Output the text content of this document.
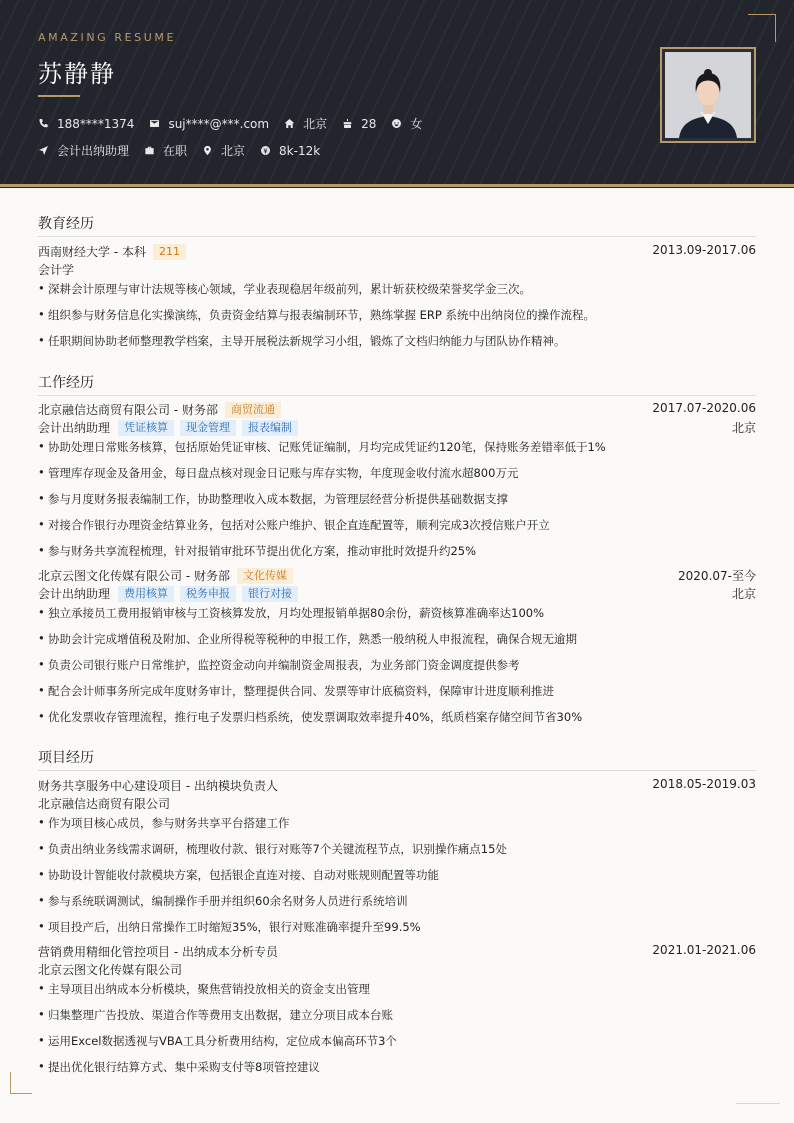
AMAZING RESUME
苏静静
188****1374	suj****@***.com	北京	28	女
会计出纳助理	在职	北京	8k-12k
教育经历
西南财经大学 - 本科	211	2013.09-2017.06
会计学
• 深耕会计原理与审计法规等核心领域，学业表现稳居年级前列，累计斩获校级荣誉奖学金三次。
• 组织参与财务信息化实操演练，负责资金结算与报表编制环节，熟练掌握 ERP 系统中出纳岗位的操作流程。
• 任职期间协助老师整理教学档案，主导开展税法新规学习小组，锻炼了文档归纳能力与团队协作精神。
工作经历
北京融信达商贸有限公司 - 财务部	商贸流通	2017.07-2020.06
会计出纳助理	凭证核算	现金管理	报表编制	北京
• 协助处理日常账务核算，包括原始凭证审核、记账凭证编制，月均完成凭证约120笔，保持账务差错率低于1%
• 管理库存现金及备用金，每日盘点核对现金日记账与库存实物，年度现金收付流水超800万元
• 参与月度财务报表编制工作，协助整理收入成本数据，为管理层经营分析提供基础数据支撑
• 对接合作银行办理资金结算业务，包括对公账户维护、银企直连配置等，顺利完成3次授信账户开立
• 参与财务共享流程梳理，针对报销审批环节提出优化方案，推动审批时效提升约25%
北京云图文化传媒有限公司 - 财务部	文化传媒	2020.07-至今
会计出纳助理	费用核算	税务申报	银行对接	北京
• 独立承接员工费用报销审核与工资核算发放，月均处理报销单据80余份，薪资核算准确率达100%
• 协助会计完成增值税及附加、企业所得税等税种的申报工作，熟悉一般纳税人申报流程，确保合规无逾期
• 负责公司银行账户日常维护，监控资金动向并编制资金周报表，为业务部门资金调度提供参考
• 配合会计师事务所完成年度财务审计，整理提供合同、发票等审计底稿资料，保障审计进度顺利推进
• 优化发票收存管理流程，推行电子发票归档系统，使发票调取效率提升40%，纸质档案存储空间节省30%
项目经历
财务共享服务中心建设项目 - 出纳模块负责人	2018.05-2019.03
北京融信达商贸有限公司
• 作为项目核心成员，参与财务共享平台搭建工作
• 负责出纳业务线需求调研，梳理收付款、银行对账等7个关键流程节点，识别操作痛点15处
• 协助设计智能收付款模块方案，包括银企直连对接、自动对账规则配置等功能
• 参与系统联调测试，编制操作手册并组织60余名财务人员进行系统培训
• 项目投产后，出纳日常操作工时缩短35%，银行对账准确率提升至99.5%
营销费用精细化管控项目 - 出纳成本分析专员	2021.01-2021.06
北京云图文化传媒有限公司
• 主导项目出纳成本分析模块，聚焦营销投放相关的资金支出管理
• 归集整理广告投放、渠道合作等费用支出数据，建立分项目成本台账
• 运用Excel数据透视与VBA工具分析费用结构，定位成本偏高环节3个
• 提出优化银行结算方式、集中采购支付等8项管控建议
